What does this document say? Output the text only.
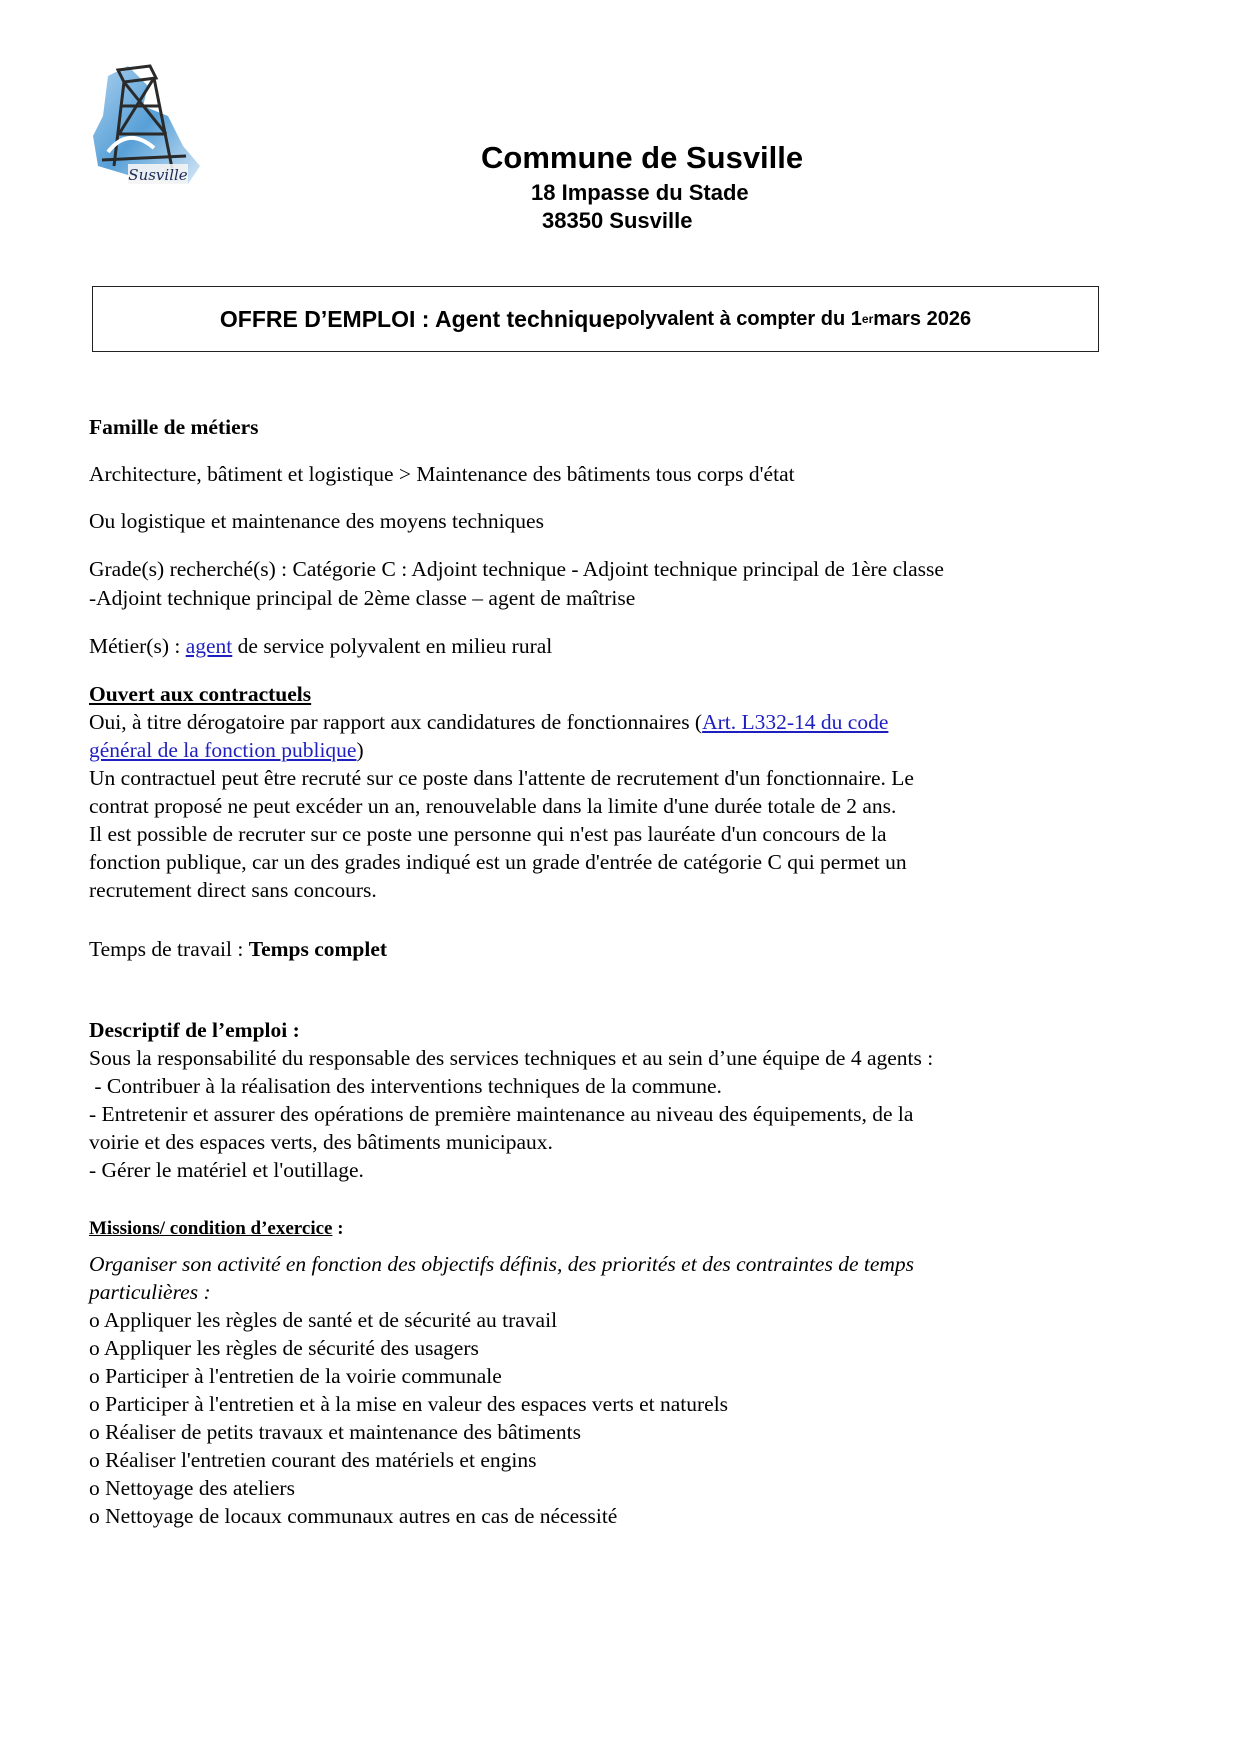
Susville	Commune de Susville
18 Impasse du Stade
38350 Susville
OFFRE D’EMPLOI : Agent technique polyvalent à compter du 1 er mars 2026
Famille de métiers
Architecture, bâtiment et logistique > Maintenance des bâtiments tous corps d'état
Ou logistique et maintenance des moyens techniques
Grade(s) recherché(s) : Catégorie C : Adjoint technique - Adjoint technique principal de 1ère classe
-Adjoint technique principal de 2ème classe – agent de maîtrise
Métier(s) : agent de service polyvalent en milieu rural
Ouvert aux contractuels
Oui, à titre dérogatoire par rapport aux candidatures de fonctionnaires (Art. L332-14 du code
général de la fonction publique)
Un contractuel peut être recruté sur ce poste dans l'attente de recrutement d'un fonctionnaire. Le
contrat proposé ne peut excéder un an, renouvelable dans la limite d'une durée totale de 2 ans.
Il est possible de recruter sur ce poste une personne qui n'est pas lauréate d'un concours de la
fonction publique, car un des grades indiqué est un grade d'entrée de catégorie C qui permet un
recrutement direct sans concours.
Temps de travail : Temps complet
Descriptif de l’emploi :
Sous la responsabilité du responsable des services techniques et au sein d’une équipe de 4 agents :
- Contribuer à la réalisation des interventions techniques de la commune.
- Entretenir et assurer des opérations de première maintenance au niveau des équipements, de la
voirie et des espaces verts, des bâtiments municipaux.
- Gérer le matériel et l'outillage.
Missions/ condition d’exercice :
Organiser son activité en fonction des objectifs définis, des priorités et des contraintes de temps
particulières :
o Appliquer les règles de santé et de sécurité au travail
o Appliquer les règles de sécurité des usagers
o Participer à l'entretien de la voirie communale
o Participer à l'entretien et à la mise en valeur des espaces verts et naturels
o Réaliser de petits travaux et maintenance des bâtiments
o Réaliser l'entretien courant des matériels et engins
o Nettoyage des ateliers
o Nettoyage de locaux communaux autres en cas de nécessité
